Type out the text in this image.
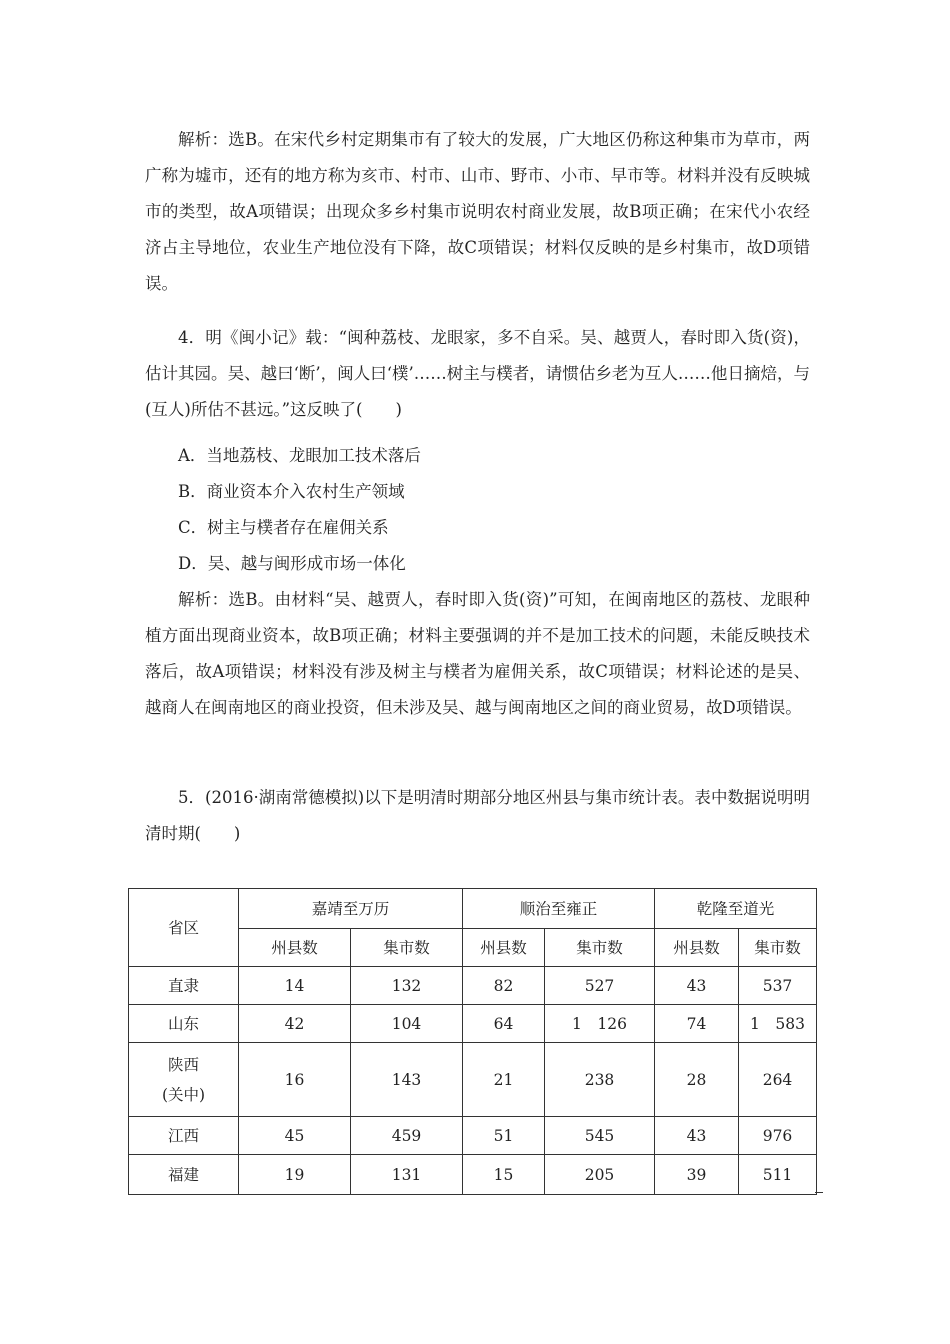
解析：选B。在宋代乡村定期集市有了较大的发展，广大地区仍称这种集市为草市，两广称为墟市，还有的地方称为亥市、村市、山市、野市、小市、早市等。材料并没有反映城市的类型，故A项错误；出现众多乡村集市说明农村商业发展，故B项正确；在宋代小农经济占主导地位，农业生产地位没有下降，故C项错误；材料仅反映的是乡村集市，故D项错误。

4．明《闽小记》载：“闽种荔枝、龙眼家，多不自采。吴、越贾人，春时即入货(资)，估计其园。吴、越曰‘断’，闽人曰‘樸’……树主与樸者，请惯估乡老为互人……他日摘焙，与(互人)所估不甚远。”这反映了(　　)

A．当地荔枝、龙眼加工技术落后

B．商业资本介入农村生产领域

C．树主与樸者存在雇佣关系

D．吴、越与闽形成市场一体化

解析：选B。由材料“吴、越贾人，春时即入货(资)”可知，在闽南地区的荔枝、龙眼种植方面出现商业资本，故B项正确；材料主要强调的并不是加工技术的问题，未能反映技术落后，故A项错误；材料没有涉及树主与樸者为雇佣关系，故C项错误；材料论述的是吴、越商人在闽南地区的商业投资，但未涉及吴、越与闽南地区之间的商业贸易，故D项错误。

5．(2016·湖南常德模拟)以下是明清时期部分地区州县与集市统计表。表中数据说明明清时期(　　)

省区	嘉靖至万历		顺治至雍正		乾隆至道光	
	州县数	集市数	州县数	集市数	州县数	集市数
直隶	14	132	82	527	43	537
山东	42	104	64	1　126	74	1　583

陕西
(关中)	16	143	21	238	28	264
江西	45	459	51	545	43	976
福建	19	131	15	205	39	511
